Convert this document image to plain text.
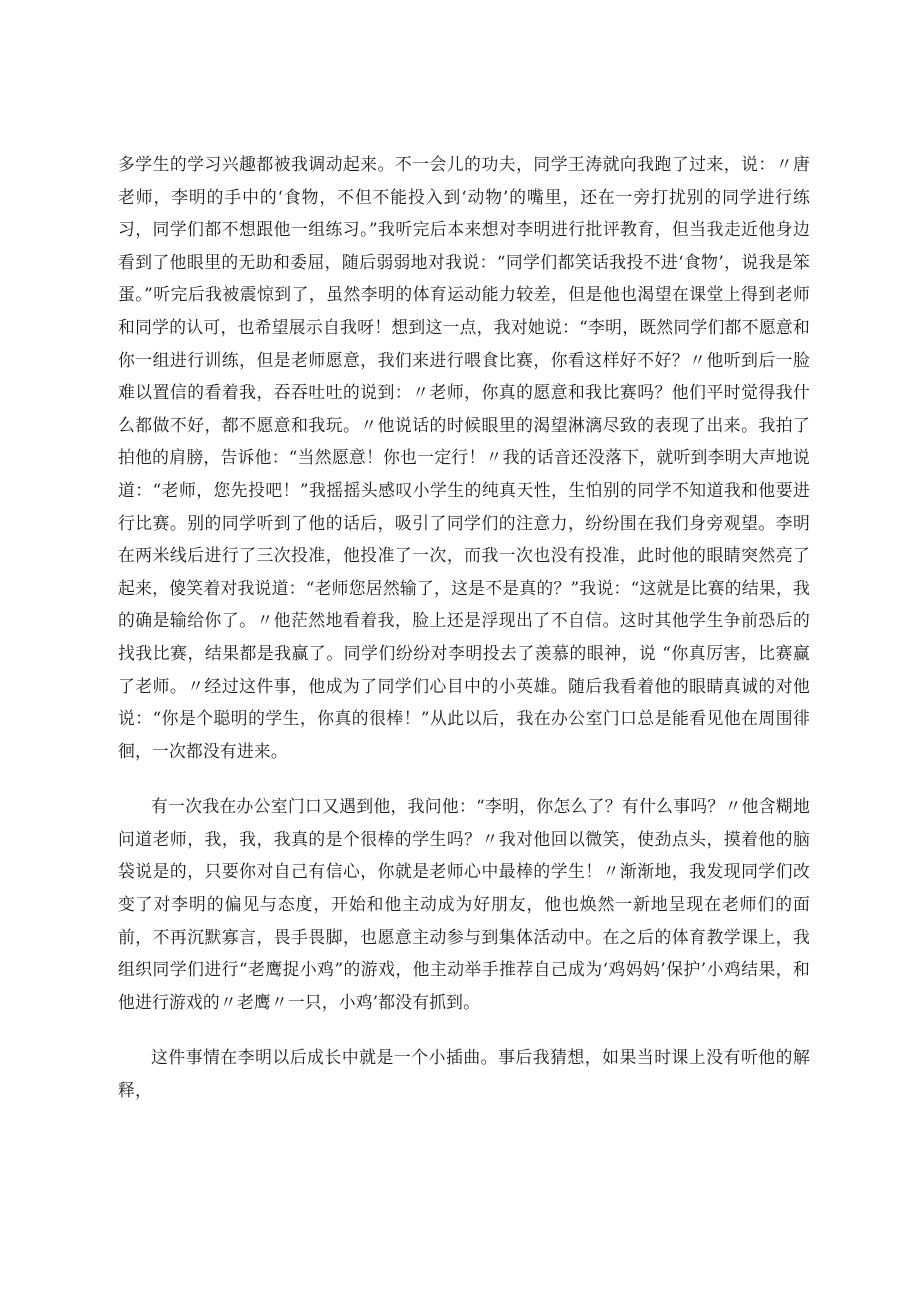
多学生的学习兴趣都被我调动起来。不一会儿的功夫，同学王涛就向我跑了过来，说：〃唐老师，李明的手中的‘食物，不但不能投入到‘动物’的嘴里，还在一旁打扰别的同学进行练习，同学们都不想跟他一组练习。”我听完后本来想对李明进行批评教育，但当我走近他身边看到了他眼里的无助和委屈，随后弱弱地对我说：“同学们都笑话我投不进‘食物’，说我是笨蛋。”听完后我被震惊到了，虽然李明的体育运动能力较差，但是他也渴望在课堂上得到老师和同学的认可，也希望展示自我呀！想到这一点，我对她说：“李明，既然同学们都不愿意和你一组进行训练，但是老师愿意，我们来进行喂食比赛，你看这样好不好？〃他听到后一脸难以置信的看着我，吞吞吐吐的说到：〃老师，你真的愿意和我比赛吗？他们平时觉得我什么都做不好，都不愿意和我玩。〃他说话的时候眼里的渴望淋漓尽致的表现了出来。我拍了拍他的肩膀，告诉他：“当然愿意！你也一定行！〃我的话音还没落下，就听到李明大声地说道：“老师，您先投吧！”我摇摇头感叹小学生的纯真天性，生怕别的同学不知道我和他要进行比赛。别的同学听到了他的话后，吸引了同学们的注意力，纷纷围在我们身旁观望。李明在两米线后进行了三次投准，他投准了一次，而我一次也没有投准，此时他的眼睛突然亮了起来，傻笑着对我说道：“老师您居然输了，这是不是真的？”我说：“这就是比赛的结果，我的确是输给你了。〃他茫然地看着我，脸上还是浮现出了不自信。这时其他学生争前恐后的找我比赛，结果都是我赢了。同学们纷纷对李明投去了羡慕的眼神，说 “你真厉害，比赛赢了老师。〃经过这件事，他成为了同学们心目中的小英雄。随后我看着他的眼睛真诚的对他说：“你是个聪明的学生，你真的很棒！”从此以后，我在办公室门口总是能看见他在周围徘徊，一次都没有进来。

有一次我在办公室门口又遇到他，我问他：“李明，你怎么了？有什么事吗？〃他含糊地问道老师，我，我，我真的是个很棒的学生吗？〃我对他回以微笑，使劲点头，摸着他的脑袋说是的，只要你对自己有信心，你就是老师心中最棒的学生！〃渐渐地，我发现同学们改变了对李明的偏见与态度，开始和他主动成为好朋友，他也焕然一新地呈现在老师们的面前，不再沉默寡言，畏手畏脚，也愿意主动参与到集体活动中。在之后的体育教学课上，我组织同学们进行“老鹰捉小鸡”的游戏，他主动举手推荐自己成为‘鸡妈妈’保护’小鸡结果，和他进行游戏的〃老鹰〃一只，小鸡’都没有抓到。

这件事情在李明以后成长中就是一个小插曲。事后我猜想，如果当时课上没有听他的解释，
